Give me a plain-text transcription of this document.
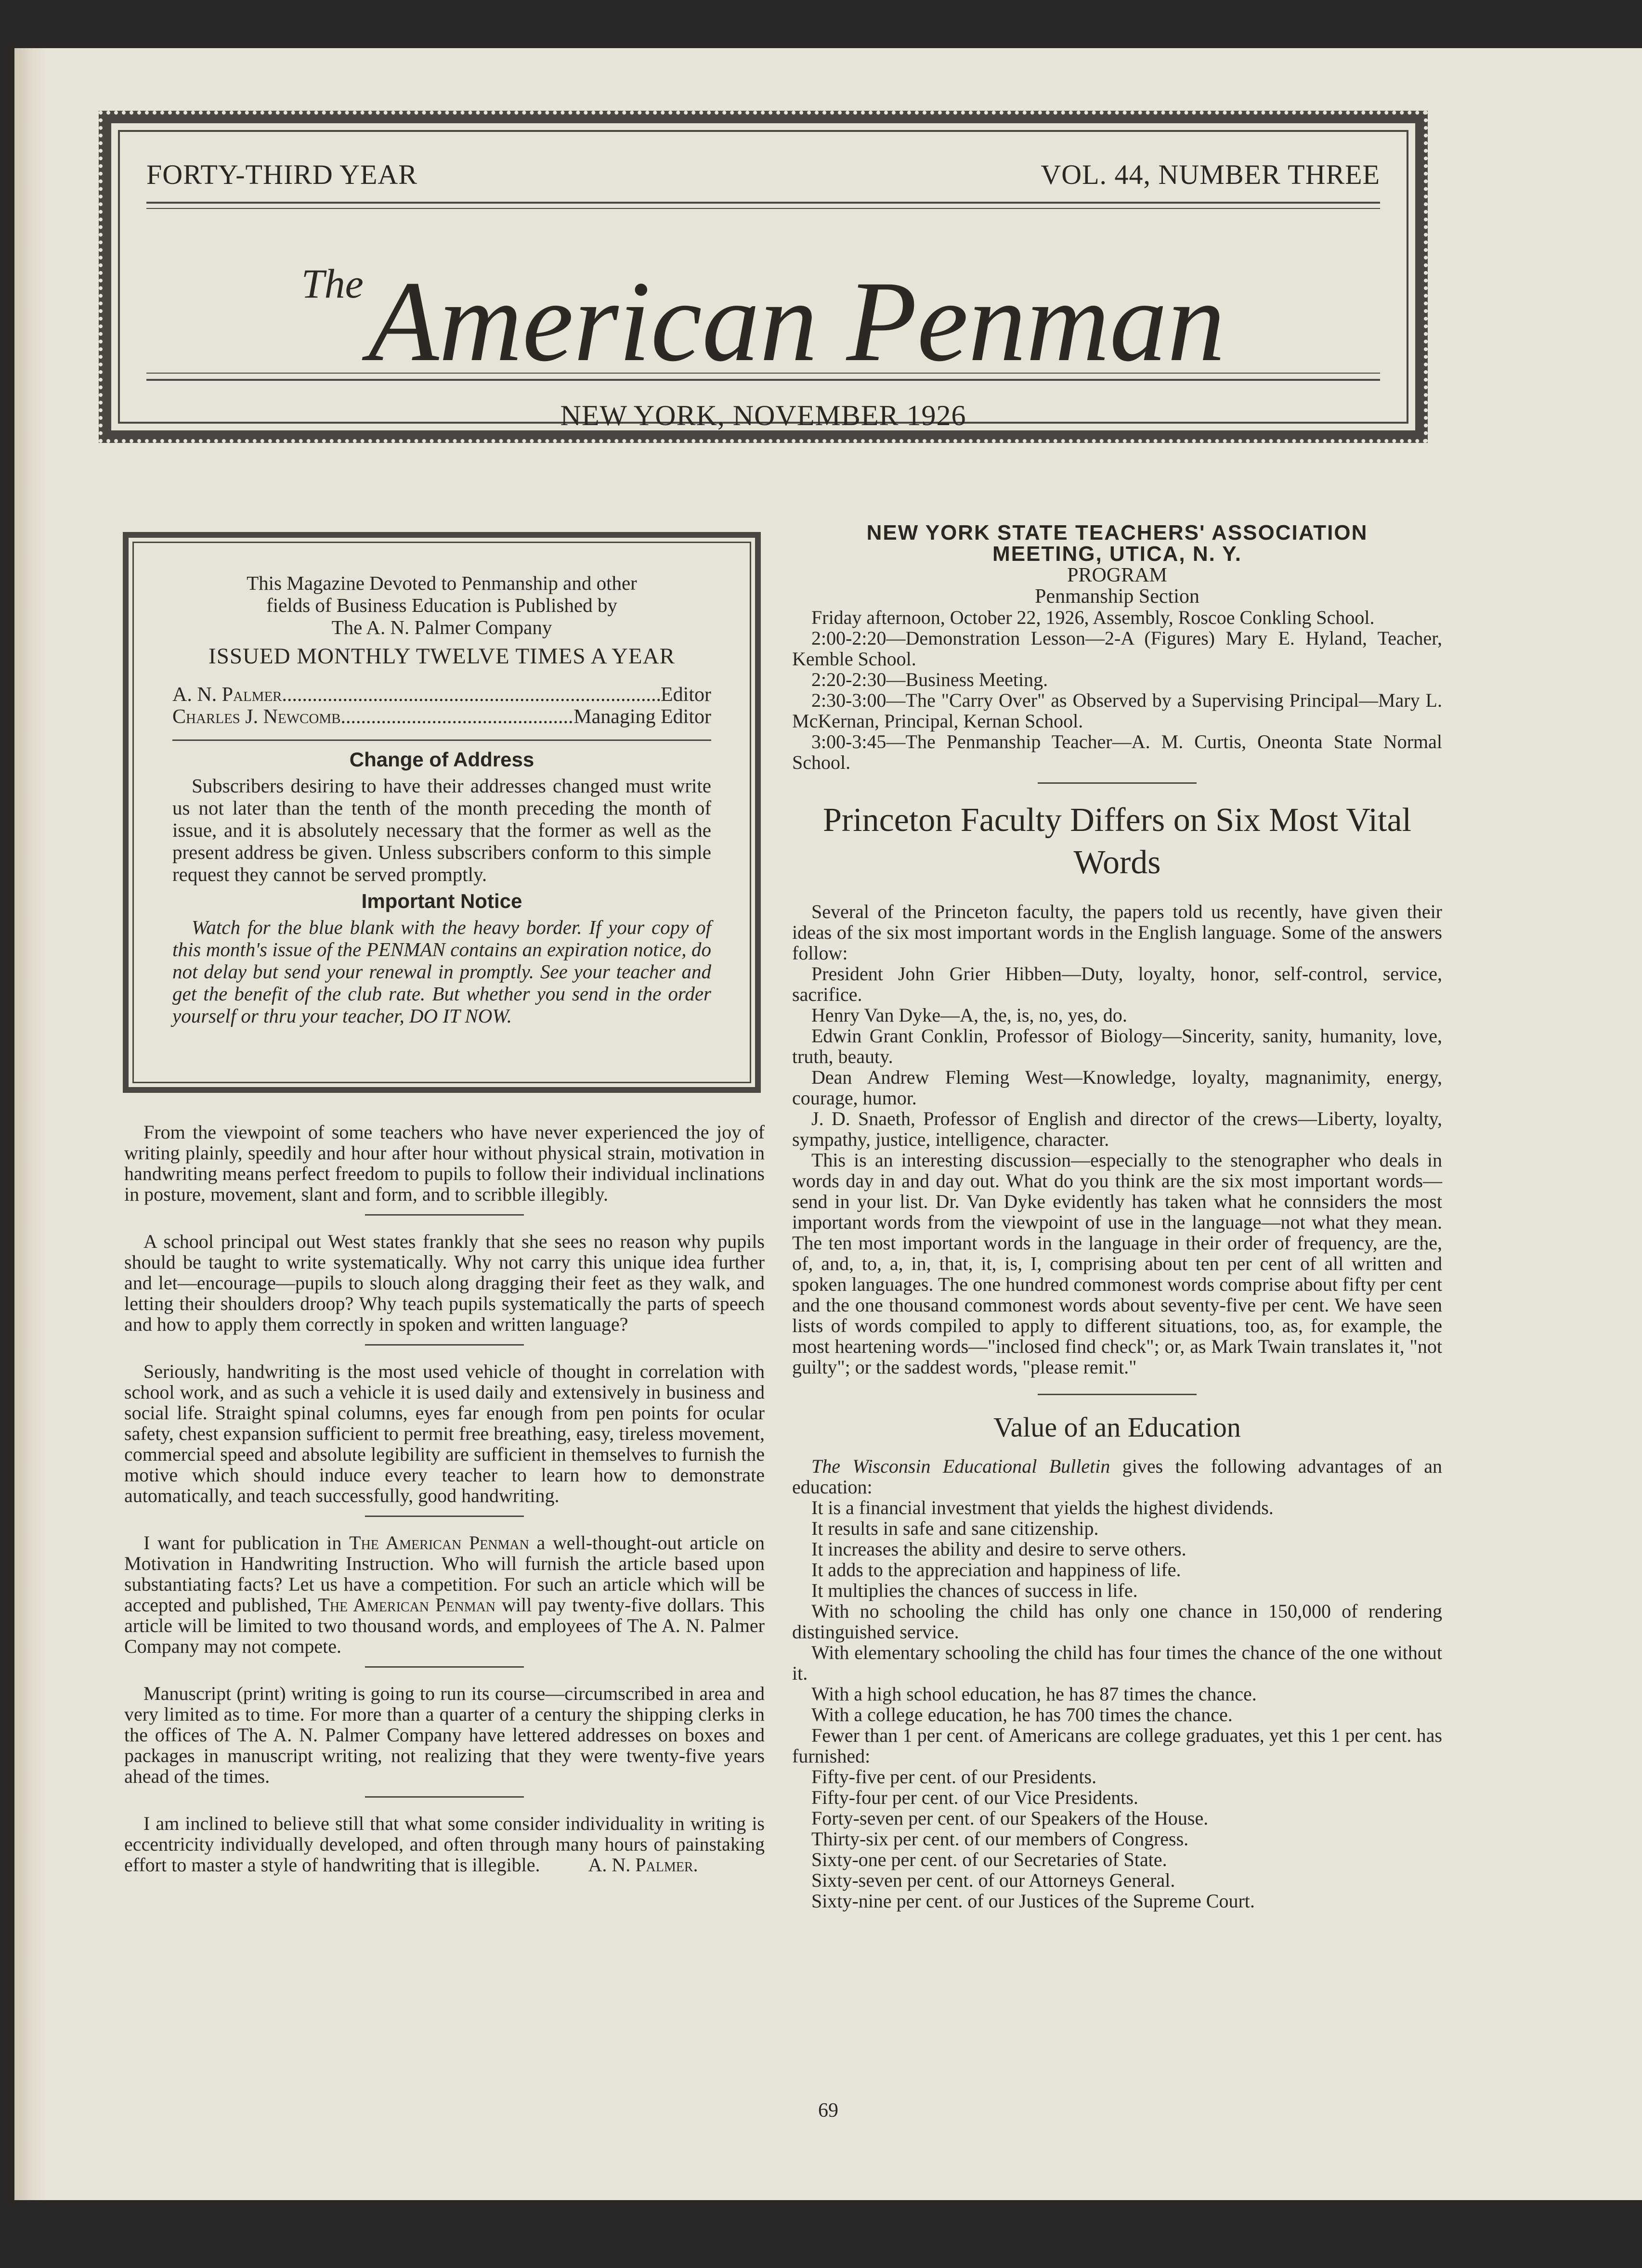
FORTY-THIRD YEAR	VOL. 44, NUMBER THREE
$^{The}$American Penman
NEW YORK, NOVEMBER 1926
This Magazine Devoted to Penmanship and other
fields of Business Education is Published by
The A. N. Palmer Company
ISSUED MONTHLY TWELVE TIMES A YEAR
A. N. Palmer .....	Editor
Charles J. Newcomb .....	Managing Editor
Change of Address

Subscribers desiring to have their addresses changed must write us not later than the tenth of the month preceding the month of issue, and it is absolutely necessary that the former as well as the present address be given. Unless subscribers conform to this simple request they cannot be served promptly.

Important Notice

Watch for the blue blank with the heavy border. If your copy of this month's issue of the PENMAN contains an expiration notice, do not delay but send your renewal in promptly. See your teacher and get the benefit of the club rate. But whether you send in the order yourself or thru your teacher, DO IT NOW.

From the viewpoint of some teachers who have never experienced the joy of writing plainly, speedily and hour after hour without physical strain, motivation in handwriting means perfect freedom to pupils to follow their individual inclinations in posture, movement, slant and form, and to scribble illegibly.

A school principal out West states frankly that she sees no reason why pupils should be taught to write systematically. Why not carry this unique idea further and let—encourage—pupils to slouch along dragging their feet as they walk, and letting their shoulders droop? Why teach pupils systematically the parts of speech and how to apply them correctly in spoken and written language?

Seriously, handwriting is the most used vehicle of thought in correlation with school work, and as such a vehicle it is used daily and extensively in business and social life. Straight spinal columns, eyes far enough from pen points for ocular safety, chest expansion sufficient to permit free breathing, easy, tireless movement, commercial speed and absolute legibility are sufficient in themselves to furnish the motive which should induce every teacher to learn how to demonstrate automatically, and teach successfully, good handwriting.

I want for publication in The American Penman a well-thought-out article on Motivation in Handwriting Instruction. Who will furnish the article based upon substantiating facts? Let us have a competition. For such an article which will be accepted and published, The American Penman will pay twenty-five dollars. This article will be limited to two thousand words, and employees of The A. N. Palmer Company may not compete.

Manuscript (print) writing is going to run its course—circumscribed in area and very limited as to time. For more than a quarter of a century the shipping clerks in the offices of The A. N. Palmer Company have lettered addresses on boxes and packages in manuscript writing, not realizing that they were twenty-five years ahead of the times.

I am inclined to believe still that what some consider individuality in writing is eccentricity individually developed, and often through many hours of painstaking effort to master a style of handwriting that is illegible.	A. N. Palmer.

NEW YORK STATE TEACHERS' ASSOCIATION
MEETING, UTICA, N. Y.
PROGRAM
Penmanship Section

Friday afternoon, October 22, 1926, Assembly, Roscoe Conkling School.

2:00-2:20—Demonstration Lesson—2-A (Figures) Mary E. Hyland, Teacher, Kemble School.

2:20-2:30—Business Meeting.

2:30-3:00—The "Carry Over" as Observed by a Supervising Principal—Mary L. McKernan, Principal, Kernan School.

3:00-3:45—The Penmanship Teacher—A. M. Curtis, Oneonta State Normal School.

Princeton Faculty Differs on Six Most Vital Words

Several of the Princeton faculty, the papers told us recently, have given their ideas of the six most important words in the English language. Some of the answers follow:

President John Grier Hibben—Duty, loyalty, honor, self-control, service, sacrifice.

Henry Van Dyke—A, the, is, no, yes, do.

Edwin Grant Conklin, Professor of Biology—Sincerity, sanity, humanity, love, truth, beauty.

Dean Andrew Fleming West—Knowledge, loyalty, magnanimity, energy, courage, humor.

J. D. Snaeth, Professor of English and director of the crews—Liberty, loyalty, sympathy, justice, intelligence, character.

This is an interesting discussion—especially to the stenographer who deals in words day in and day out. What do you think are the six most important words—send in your list. Dr. Van Dyke evidently has taken what he connsiders the most important words from the viewpoint of use in the language—not what they mean. The ten most important words in the language in their order of frequency, are the, of, and, to, a, in, that, it, is, I, comprising about ten per cent of all written and spoken languages. The one hundred commonest words comprise about fifty per cent and the one thousand commonest words about seventy-five per cent. We have seen lists of words compiled to apply to different situations, too, as, for example, the most heartening words—"inclosed find check"; or, as Mark Twain translates it, "not guilty"; or the saddest words, "please remit."

Value of an Education

The Wisconsin Educational Bulletin gives the following advantages of an education:

It is a financial investment that yields the highest dividends.

It results in safe and sane citizenship.

It increases the ability and desire to serve others.

It adds to the appreciation and happiness of life.

It multiplies the chances of success in life.

With no schooling the child has only one chance in 150,000 of rendering distinguished service.

With elementary schooling the child has four times the chance of the one without it.

With a high school education, he has 87 times the chance.

With a college education, he has 700 times the chance.

Fewer than 1 per cent. of Americans are college graduates, yet this 1 per cent. has furnished:

Fifty-five per cent. of our Presidents.

Fifty-four per cent. of our Vice Presidents.

Forty-seven per cent. of our Speakers of the House.

Thirty-six per cent. of our members of Congress.

Sixty-one per cent. of our Secretaries of State.

Sixty-seven per cent. of our Attorneys General.

Sixty-nine per cent. of our Justices of the Supreme Court.

69
